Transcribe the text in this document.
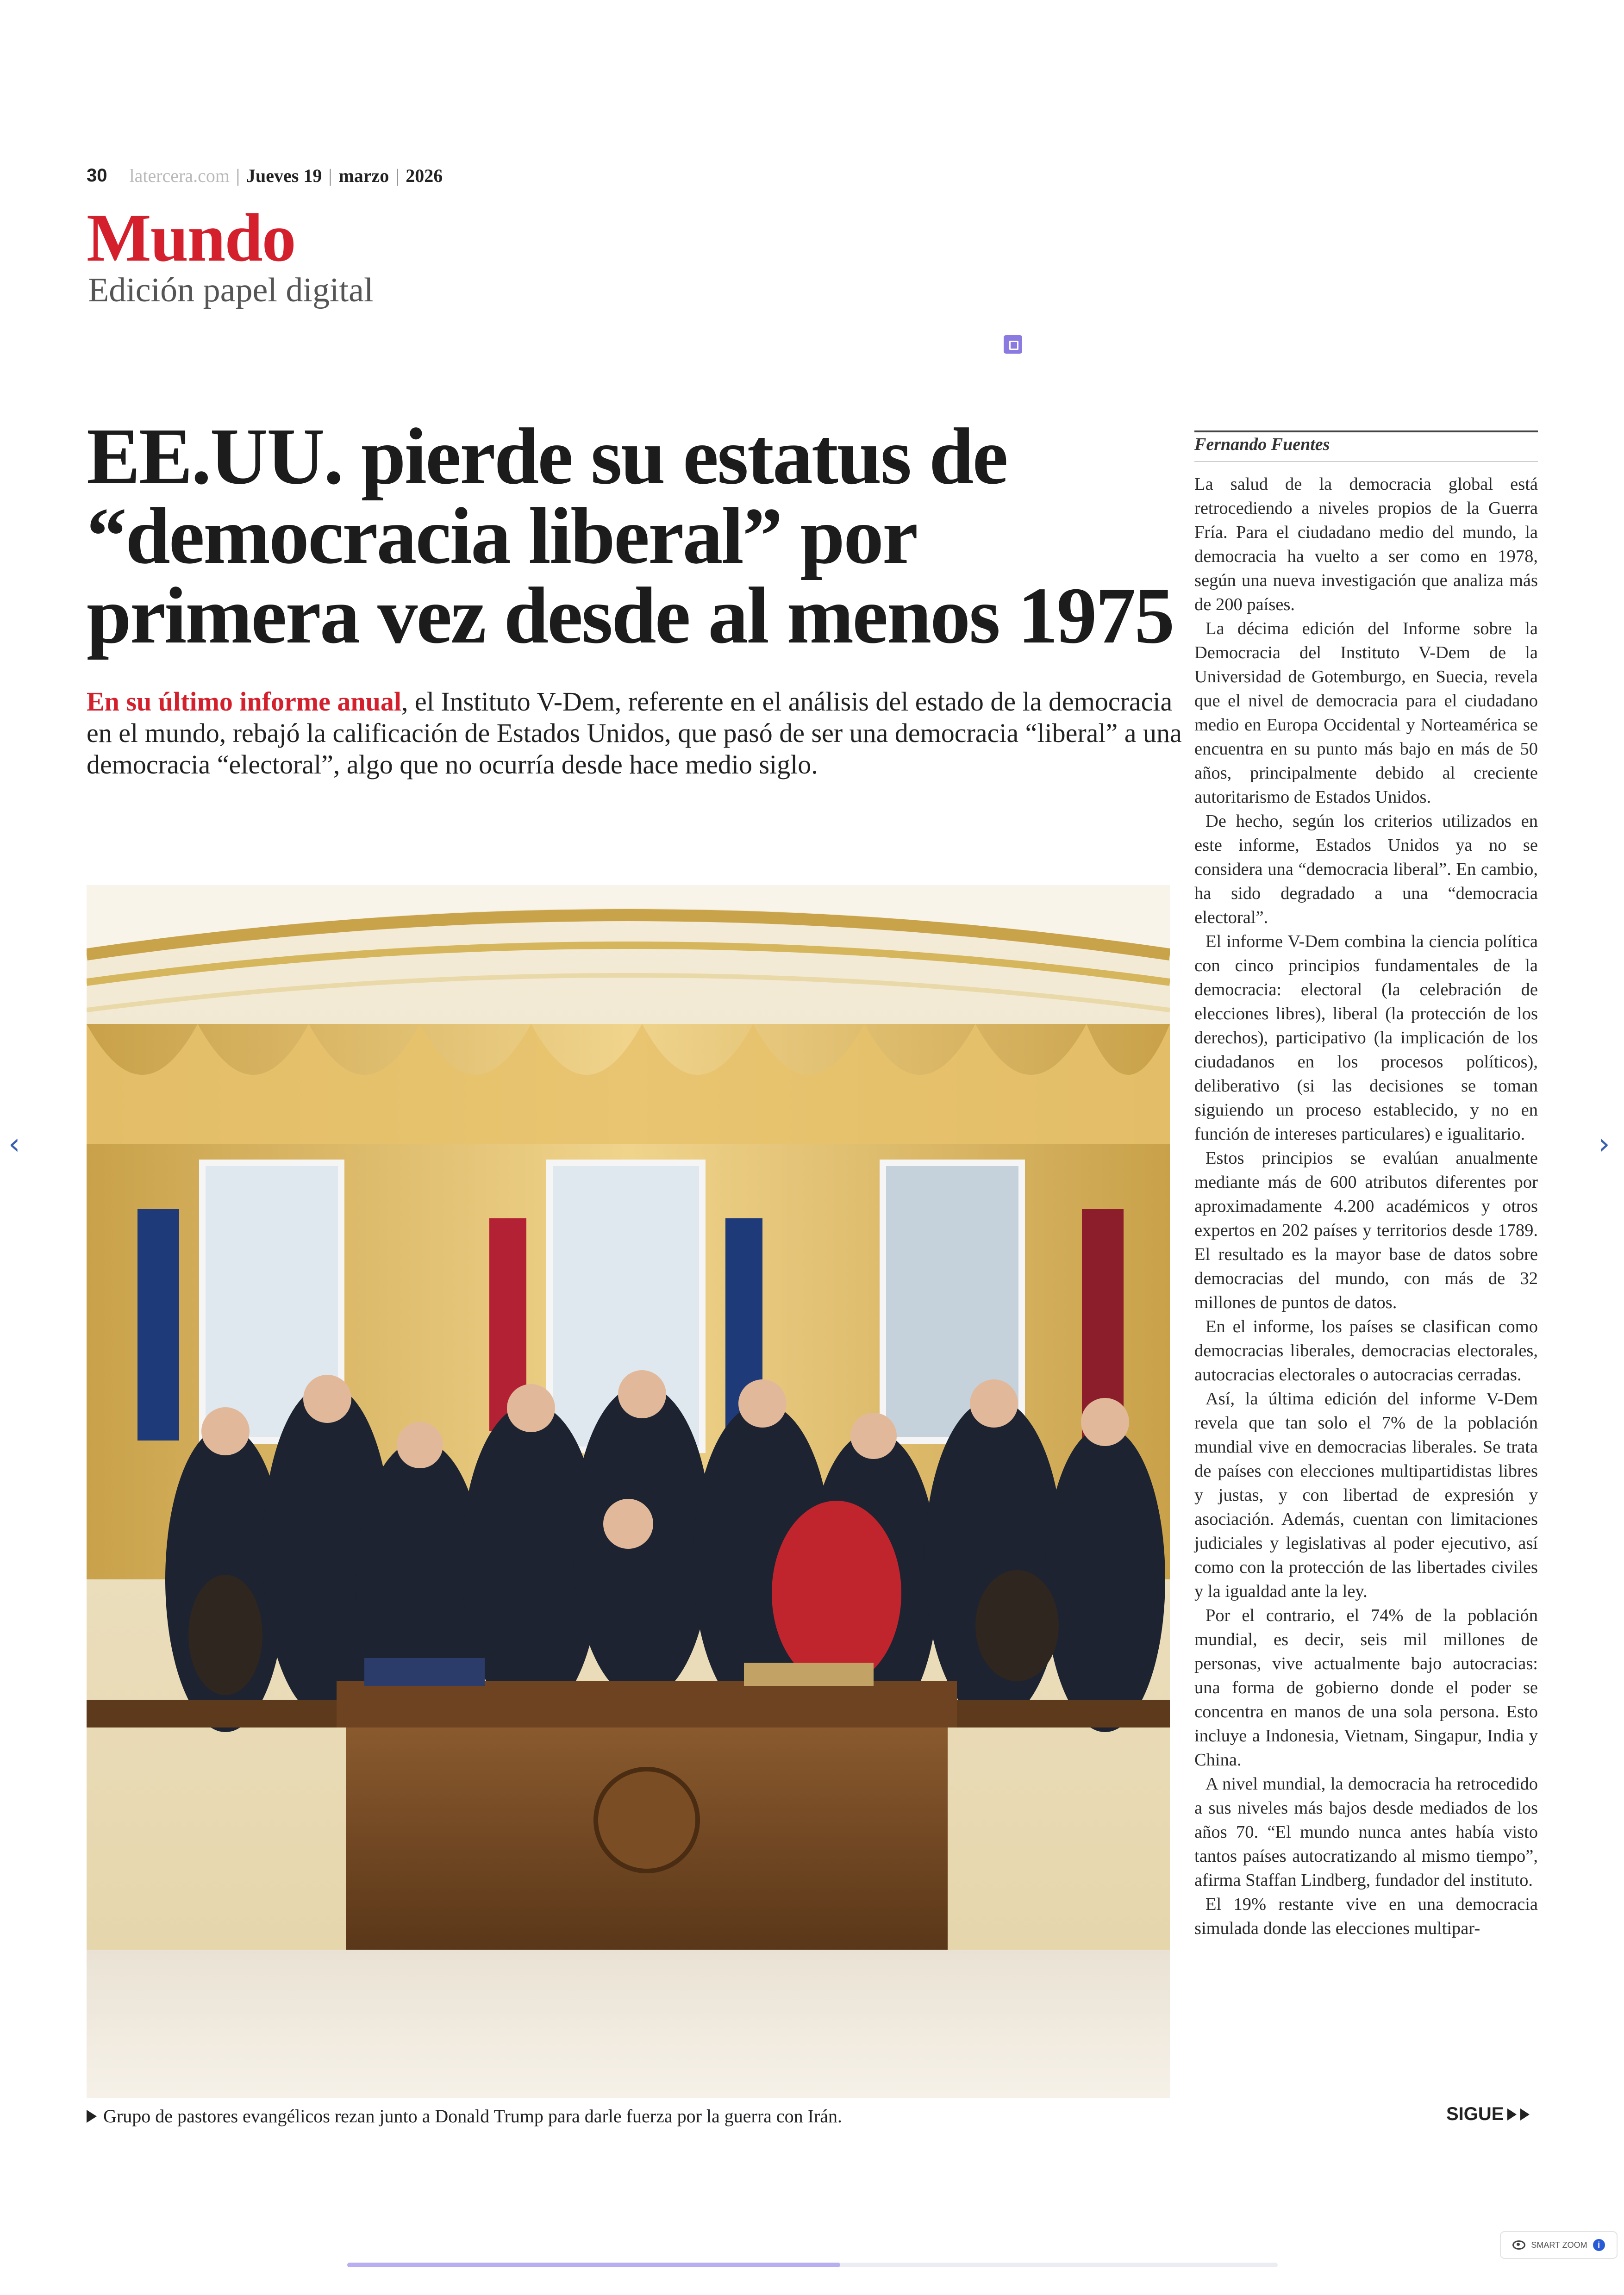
30 latercera.com | Jueves 19 | marzo | 2026
Mundo
Edición papel digital
EE.UU. pierde su estatus de “democracia liberal” por primera vez desde al menos 1975
En su último informe anual, el Instituto V-Dem, referente en el análisis del estado de la democracia en el mundo, rebajó la calificación de Estados Unidos, que pasó de ser una democracia “liberal” a una democracia “electoral”, algo que no ocurría desde hace medio siglo.
Grupo de pastores evangélicos rezan junto a Donald Trump para darle fuerza por la guerra con Irán.
Fernando Fuentes

La salud de la democracia global está retrocediendo a niveles propios de la Guerra Fría. Para el ciudadano medio del mundo, la democracia ha vuelto a ser como en 1978, según una nueva investigación que analiza más de 200 países.

La décima edición del Informe sobre la Democracia del Instituto V-Dem de la Universidad de Gotemburgo, en Suecia, revela que el nivel de democracia para el ciudadano medio en Europa Occidental y Norteamérica se encuentra en su punto más bajo en más de 50 años, principalmente debido al creciente autoritarismo de Estados Unidos.

De hecho, según los criterios utilizados en este informe, Estados Unidos ya no se considera una “democracia liberal”. En cambio, ha sido degradado a una “democracia electoral”.

El informe V-Dem combina la ciencia política con cinco principios fundamentales de la democracia: electoral (la celebración de elecciones libres), liberal (la protección de los derechos), participativo (la implicación de los ciudadanos en los procesos políticos), deliberativo (si las decisiones se toman siguiendo un proceso establecido, y no en función de intereses particulares) e igualitario.

Estos principios se evalúan anualmente mediante más de 600 atributos diferentes por aproximadamente 4.200 académicos y otros expertos en 202 países y territorios desde 1789. El resultado es la mayor base de datos sobre democracias del mundo, con más de 32 millones de puntos de datos.

En el informe, los países se clasifican como democracias liberales, democracias electorales, autocracias electorales o autocracias cerradas.

Así, la última edición del informe V-Dem revela que tan solo el 7% de la población mundial vive en democracias liberales. Se trata de países con elecciones multipartidistas libres y justas, y con libertad de expresión y asociación. Además, cuentan con limitaciones judiciales y legislativas al poder ejecutivo, así como con la protección de las libertades civiles y la igualdad ante la ley.

Por el contrario, el 74% de la población mundial, es decir, seis mil millones de personas, vive actualmente bajo autocracias: una forma de gobierno donde el poder se concentra en manos de una sola persona. Esto incluye a Indonesia, Vietnam, Singapur, India y China.

A nivel mundial, la democracia ha retrocedido a sus niveles más bajos desde mediados de los años 70. “El mundo nunca antes había visto tantos países autocratizando al mismo tiempo”, afirma Staffan Lindberg, fundador del instituto.

El 19% restante vive en una democracia simulada donde las elecciones multipar-

SIGUE
‹	›
SMART ZOOM	i
